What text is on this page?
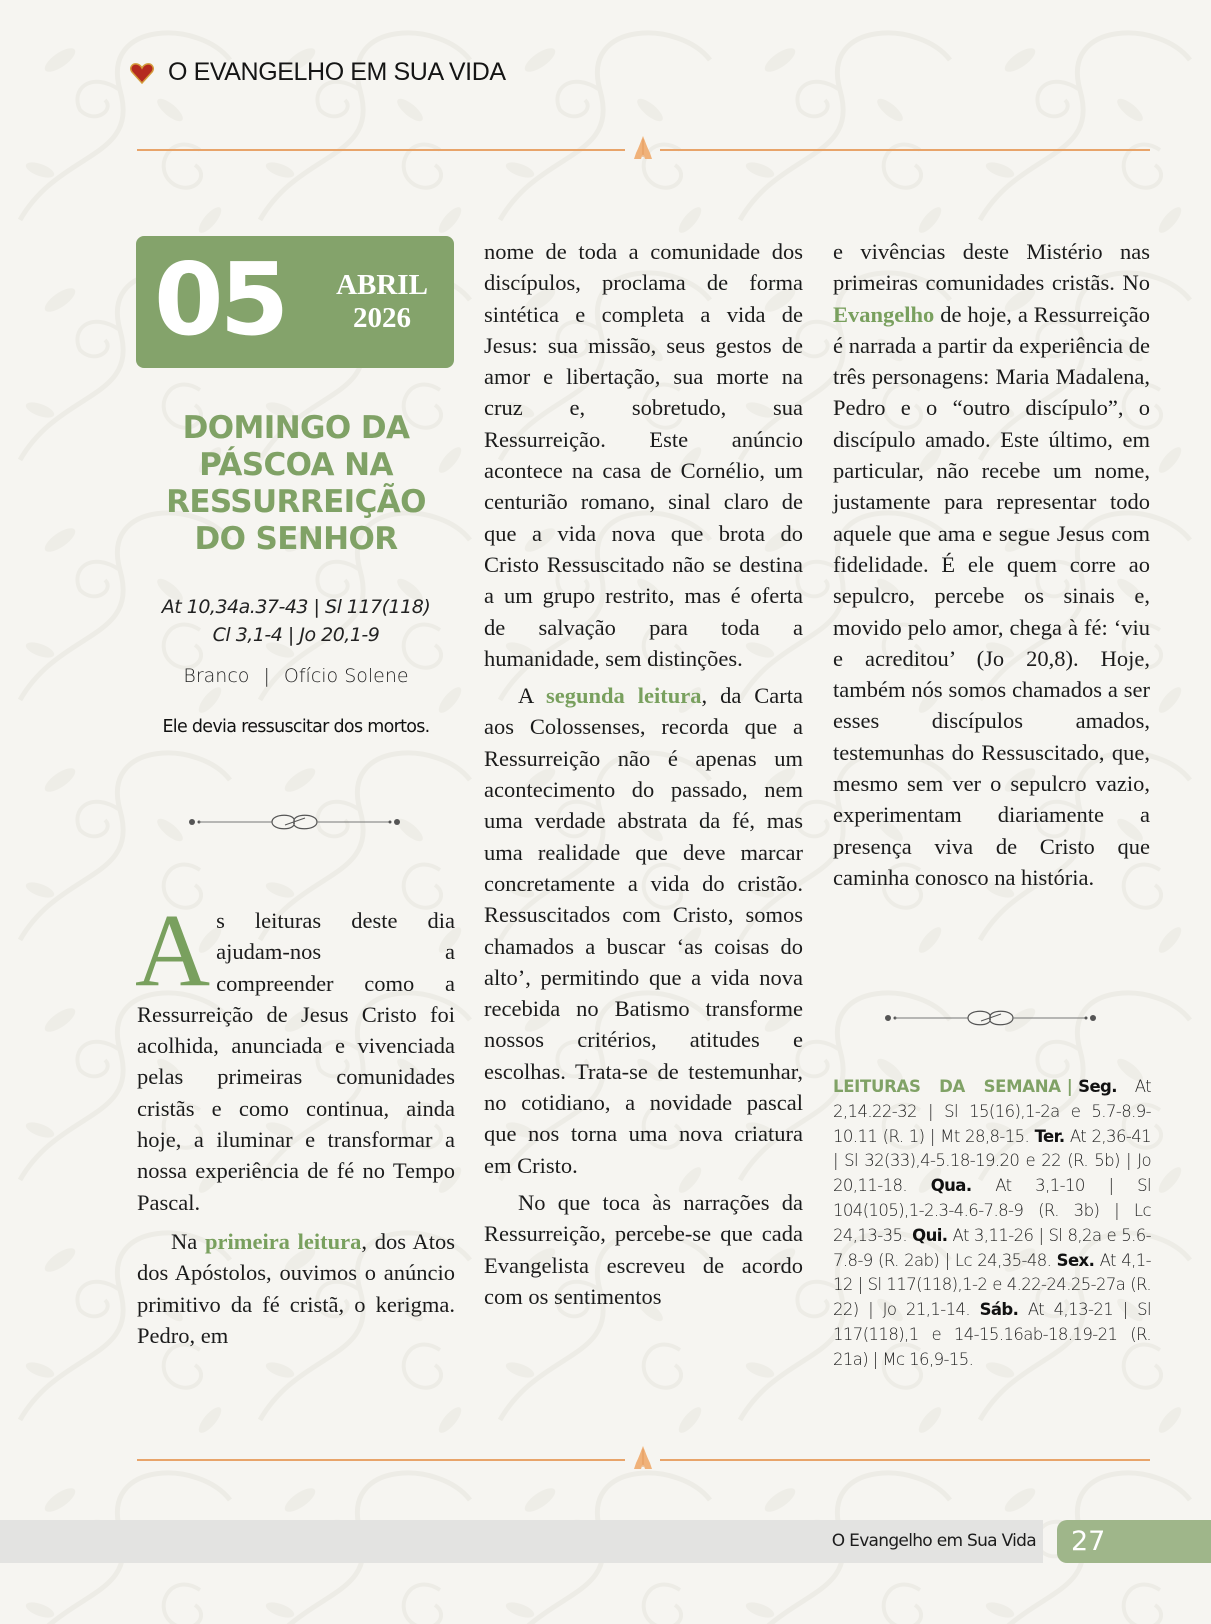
O EVANGELHO EM SUA VIDA
05	ABRIL
2026
DOMINGO DA
PÁSCOA NA
RESSURREIÇÃO
DO SENHOR
At 10,34a.37-43 | Sl 117(118)
Cl 3,1-4 | Jo 20,1-9
Branco | Ofício Solene
Ele devia ressuscitar dos mortos.

As leituras deste dia ajudam-nos a compreender como a Ressurreição de Jesus Cristo foi acolhida, anunciada e vivenciada pelas primeiras comunidades cristãs e como continua, ainda hoje, a iluminar e transformar a nossa experiência de fé no Tempo Pascal.

Na primeira leitura, dos Atos dos Apóstolos, ouvimos o anúncio primitivo da fé cristã, o kerigma. Pedro, em

nome de toda a comunidade dos discípulos, proclama de forma sintética e completa a vida de Jesus: sua missão, seus gestos de amor e libertação, sua morte na cruz e, sobretudo, sua Ressurreição. Este anúncio acontece na casa de Cornélio, um centurião romano, sinal claro de que a vida nova que brota do Cristo Ressuscitado não se destina a um grupo restrito, mas é oferta de salvação para toda a humanidade, sem distinções.

A segunda leitura, da Carta aos Colossenses, recorda que a Ressurreição não é apenas um acontecimento do passado, nem uma verdade abstrata da fé, mas uma realidade que deve marcar concretamente a vida do cristão. Ressuscitados com Cristo, somos chamados a buscar ‘as coisas do alto’, permitindo que a vida nova recebida no Batismo transforme nossos critérios, atitudes e escolhas. Trata-se de testemunhar, no cotidiano, a novidade pascal que nos torna uma nova criatura em Cristo.

No que toca às narrações da Ressurreição, percebe-se que cada Evangelista escreveu de acordo com os sentimentos

e vivências deste Mistério nas primeiras comunidades cristãs. No Evangelho de hoje, a Ressurreição é narrada a partir da experiência de três personagens: Maria Madalena, Pedro e o “outro discípulo”, o discípulo amado. Este último, em particular, não recebe um nome, justamente para representar todo aquele que ama e segue Jesus com fidelidade. É ele quem corre ao sepulcro, percebe os sinais e, movido pelo amor, chega à fé: ‘viu e acreditou’ (Jo 20,8). Hoje, também nós somos chamados a ser esses discípulos amados, testemunhas do Ressuscitado, que, mesmo sem ver o sepulcro vazio, experimentam diariamente a presença viva de Cristo que caminha conosco na história.

LEITURAS DA SEMANA | Seg. At 2,14.22-32 | Sl 15(16),1-2a e 5.7-8.9-10.11 (R. 1) | Mt 28,8-15. Ter. At 2,36-41 | Sl 32(33),4-5.18-19.20 e 22 (R. 5b) | Jo 20,11-18. Qua. At 3,1-10 | Sl 104(105),1-2.3-4.6-7.8-9 (R. 3b) | Lc 24,13-35. Qui. At 3,11-26 | Sl 8,2a e 5.6-7.8-9 (R. 2ab) | Lc 24,35-48. Sex. At 4,1-12 | Sl 117(118),1-2 e 4.22-24.25-27a (R. 22) | Jo 21,1-14. Sáb. At 4,13-21 | Sl 117(118),1 e 14-15.16ab-18.19-21 (R. 21a) | Mc 16,9-15.
O Evangelho em Sua Vida	27
